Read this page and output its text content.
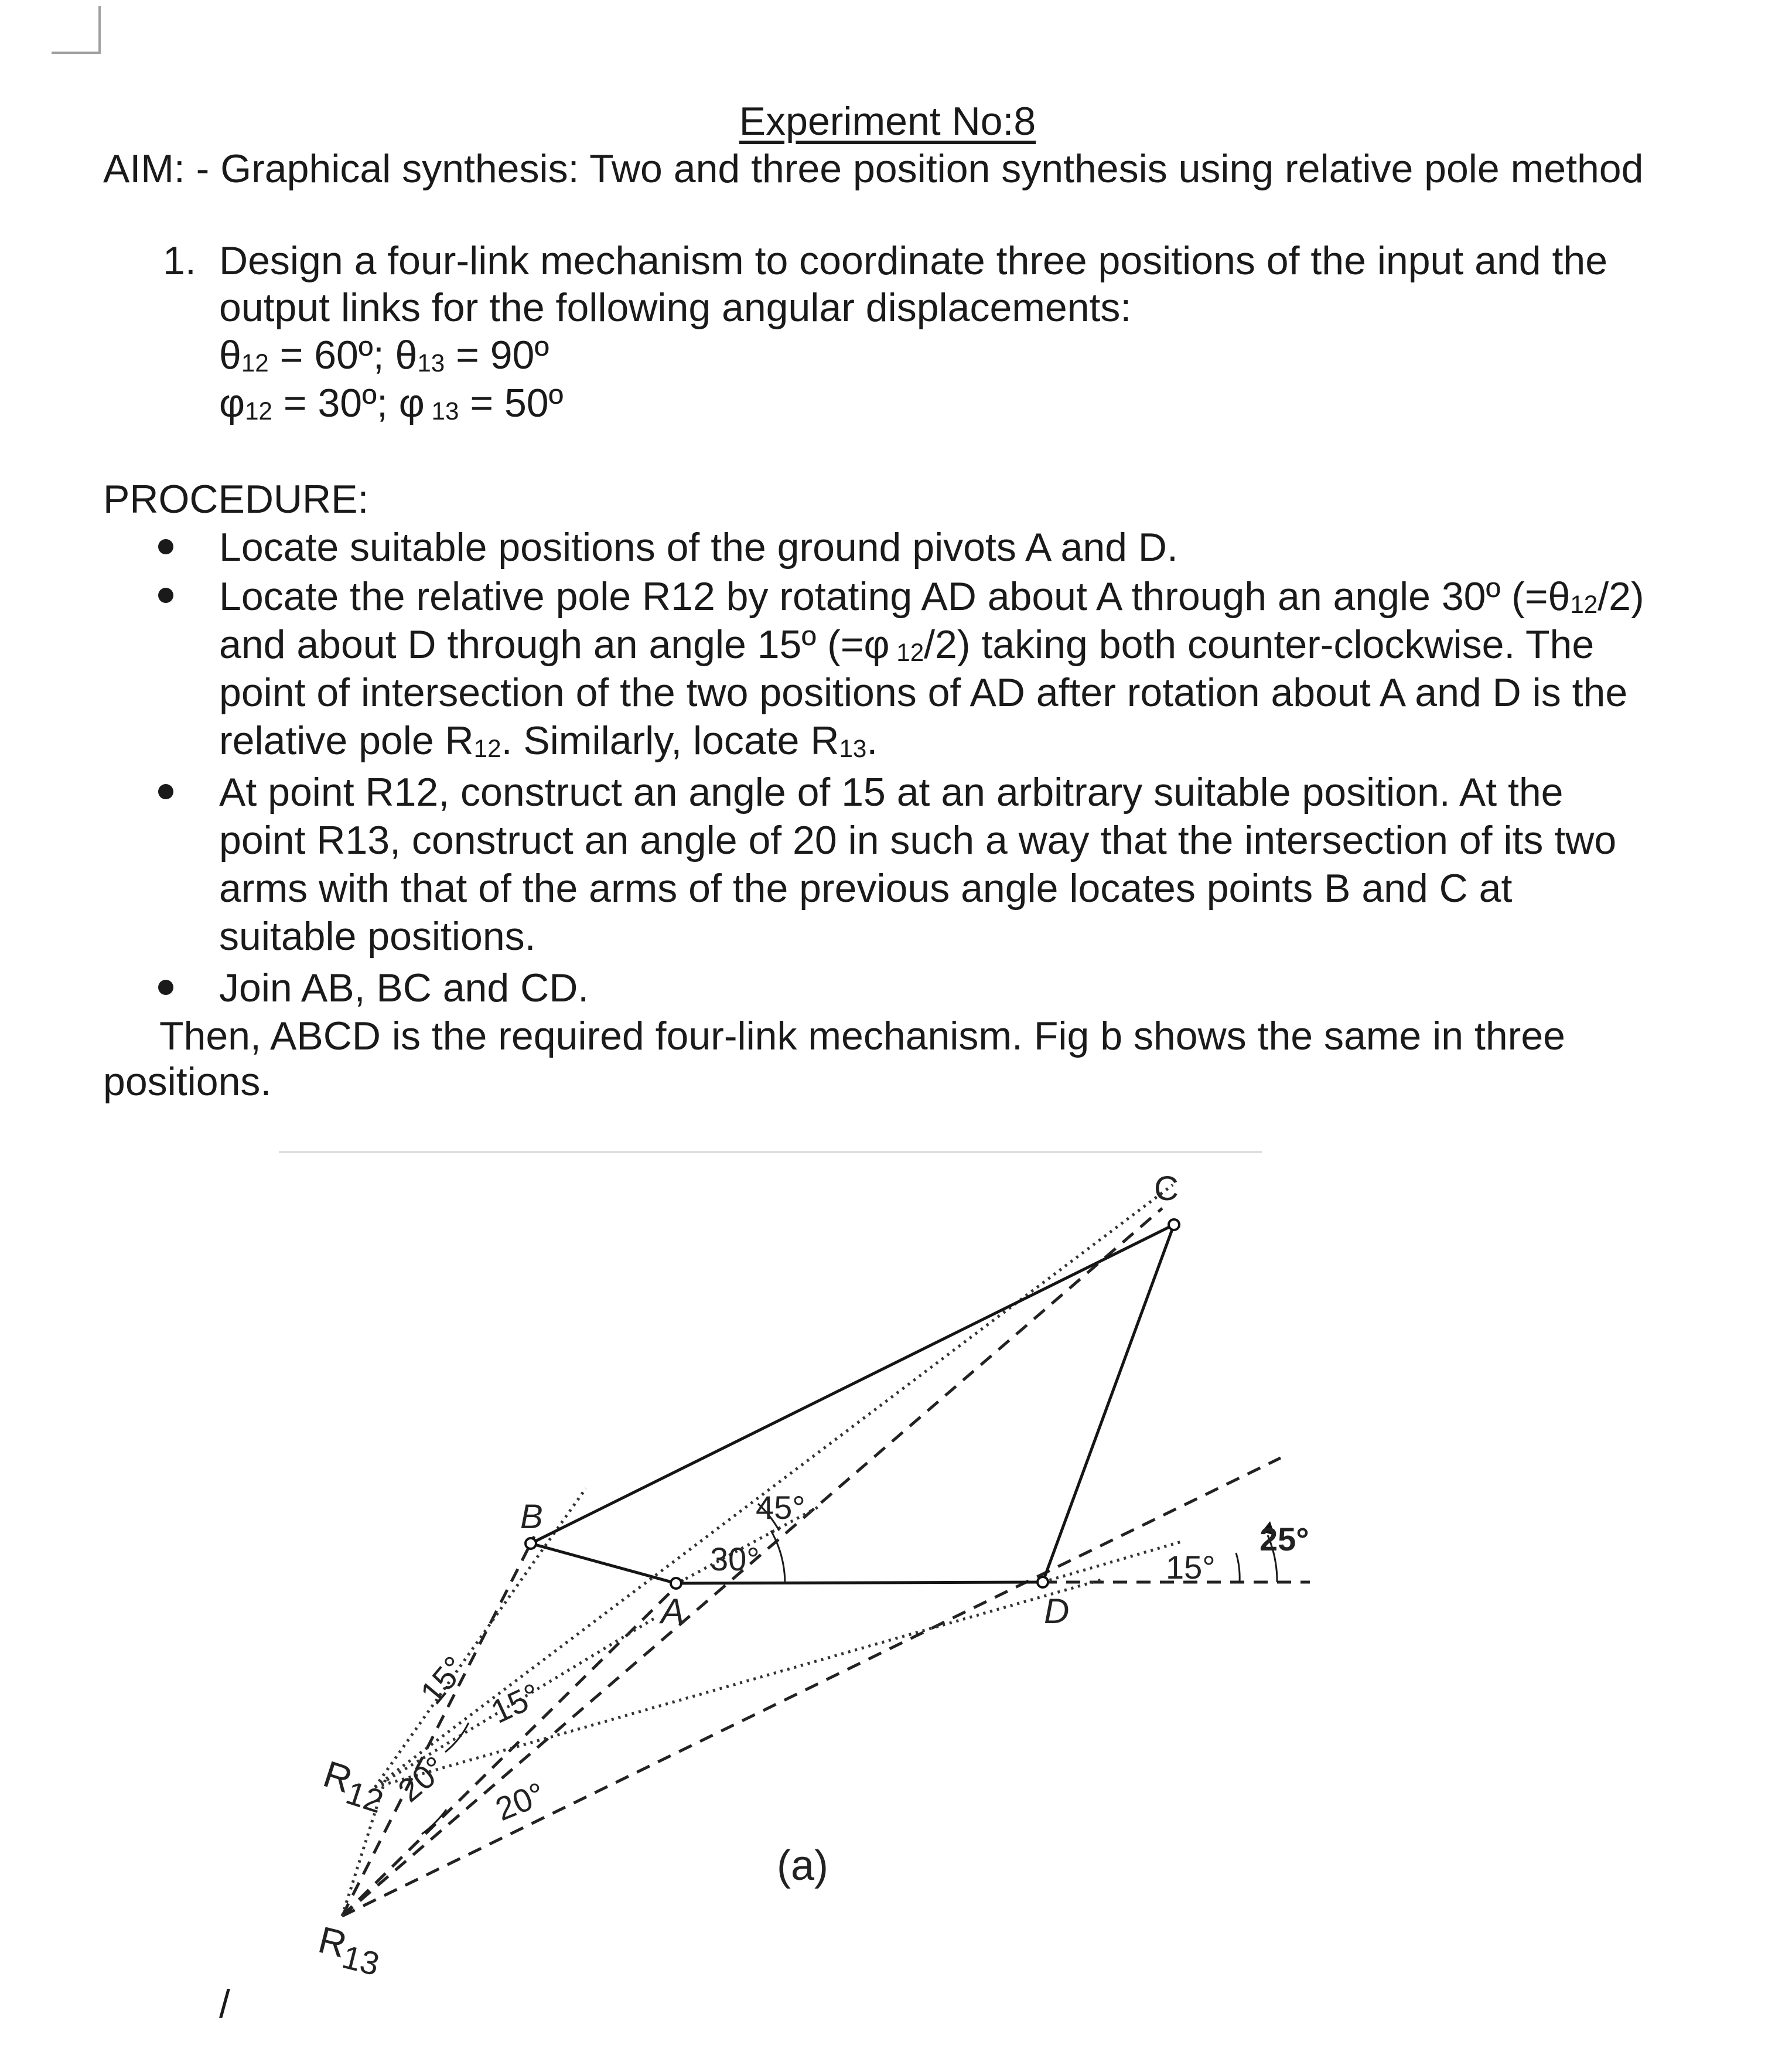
Experiment No:8
AIM: - Graphical synthesis: Two and three position synthesis using relative pole method
1. Design a four-link mechanism to coordinate three positions of the input and the
output links for the following angular displacements:
$\theta_{12}$ = 60º; $\theta_{13}$ = 90º
$\varphi_{12}$ = 30º; φ $_{13}$ = 50º
PROCEDURE:
Locate suitable positions of the ground pivots A and D.
Locate the relative pole R12 by rotating AD about A through an angle 30º $(=\theta_{12}/2)$
and about D through an angle 15º (=φ $_{12}$/2) taking both counter-clockwise. The
point of intersection of the two positions of AD after rotation about A and D is the
relative pole $R_{12}$. Similarly, locate $R_{13}$.
At point R12, construct an angle of 15 at an arbitrary suitable position. At the
point R13, construct an angle of 20 in such a way that the intersection of its two
arms with that of the arms of the previous angle locates points B and C at
suitable positions.
Join AB, BC and CD.
Then, ABCD is the required four-link mechanism. Fig b shows the same in three
positions.
A
B
C
D
30°
45°
15°
25°
15° 15°
20° 20°
R12
R13
(a)
/
